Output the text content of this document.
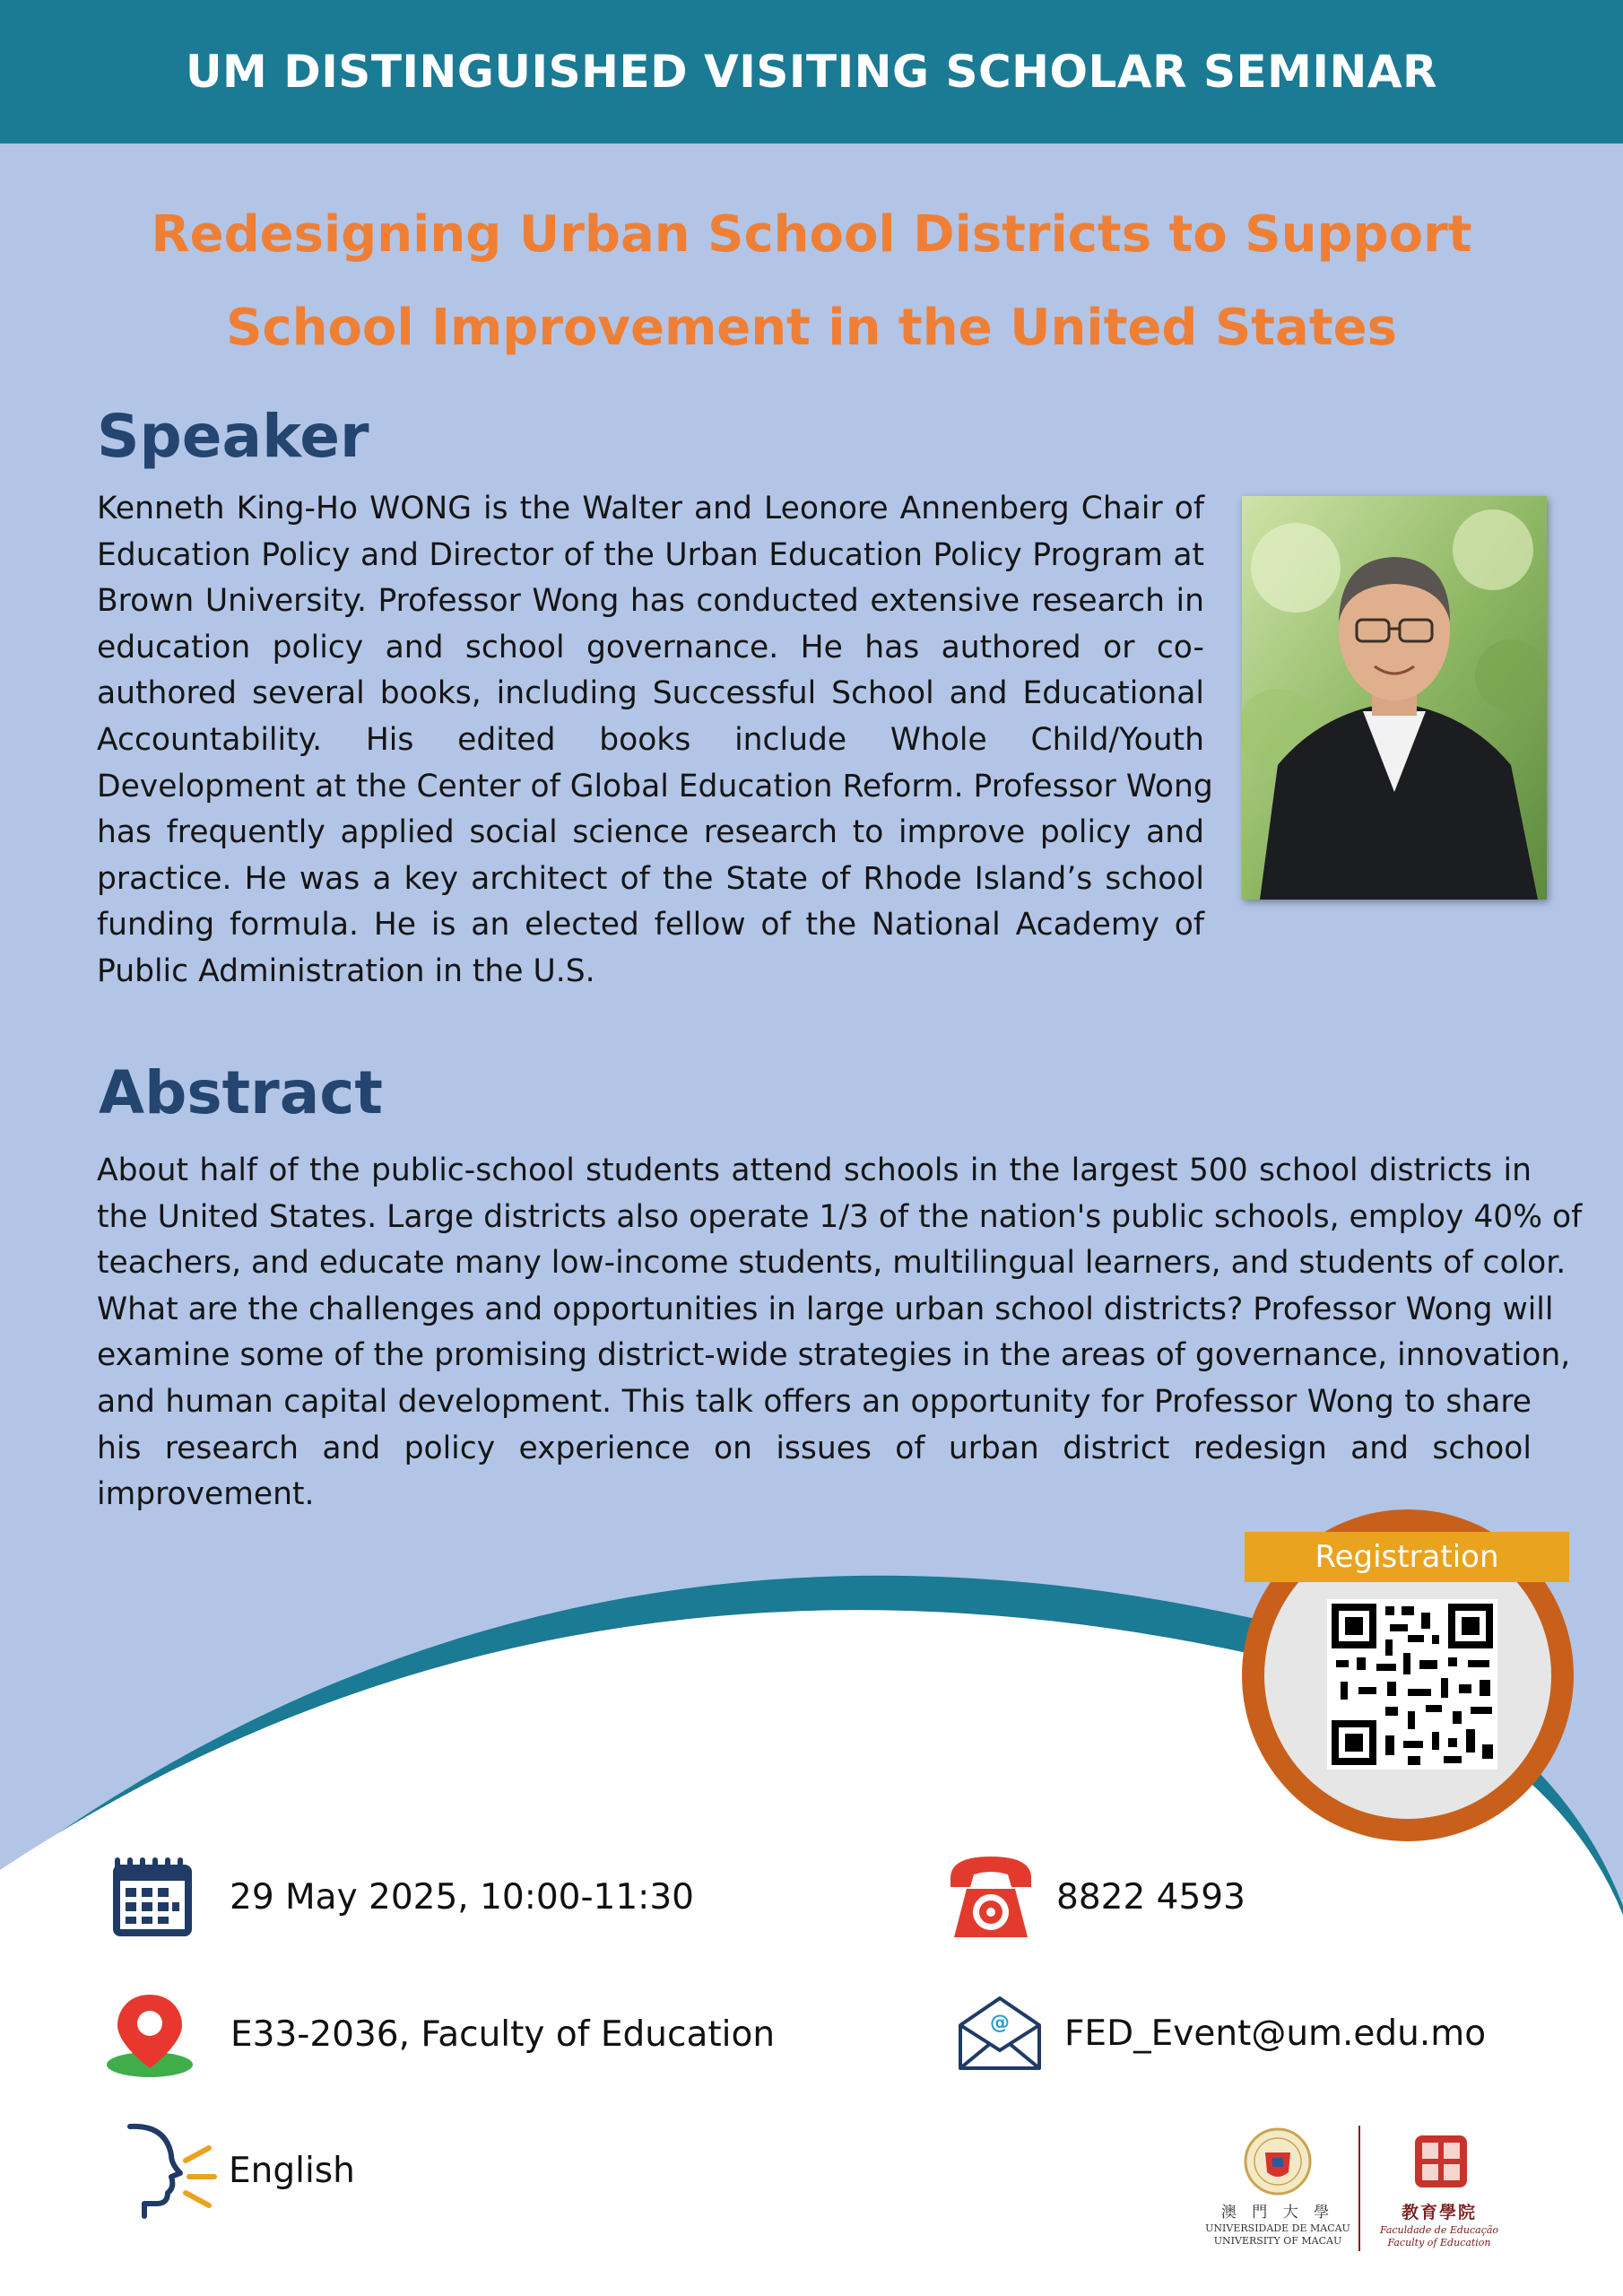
UM DISTINGUISHED VISITING SCHOLAR SEMINAR
Redesigning Urban School Districts to Support
School Improvement in the United States
Speaker
Kenneth King-Ho WONG is the Walter and Leonore Annenberg Chair of
Education Policy and Director of the Urban Education Policy Program at
Brown University. Professor Wong has conducted extensive research in
education policy and school governance. He has authored or co-
authored several books, including Successful School and Educational
Accountability. His edited books include Whole Child/Youth
Development at the Center of Global Education Reform. Professor Wong
has frequently applied social science research to improve policy and
practice. He was a key architect of the State of Rhode Island’s school
funding formula. He is an elected fellow of the National Academy of
Public Administration in the U.S.
Abstract
About half of the public-school students attend schools in the largest 500 school districts in
the United States. Large districts also operate 1/3 of the nation's public schools, employ 40% of
teachers, and educate many low-income students, multilingual learners, and students of color.
What are the challenges and opportunities in large urban school districts? Professor Wong will
examine some of the promising district-wide strategies in the areas of governance, innovation,
and human capital development. This talk offers an opportunity for Professor Wong to share
his research and policy experience on issues of urban district redesign and school
improvement.
Registration
29 May 2025, 10:00-11:30
E33-2036, Faculty of Education
English
8822 4593
@ FED_Event@um.edu.mo
澳 門 大 學
UNIVERSIDADE DE MACAU
UNIVERSITY OF MACAU
教育學院
Faculdade de Educação
Faculty of Education
